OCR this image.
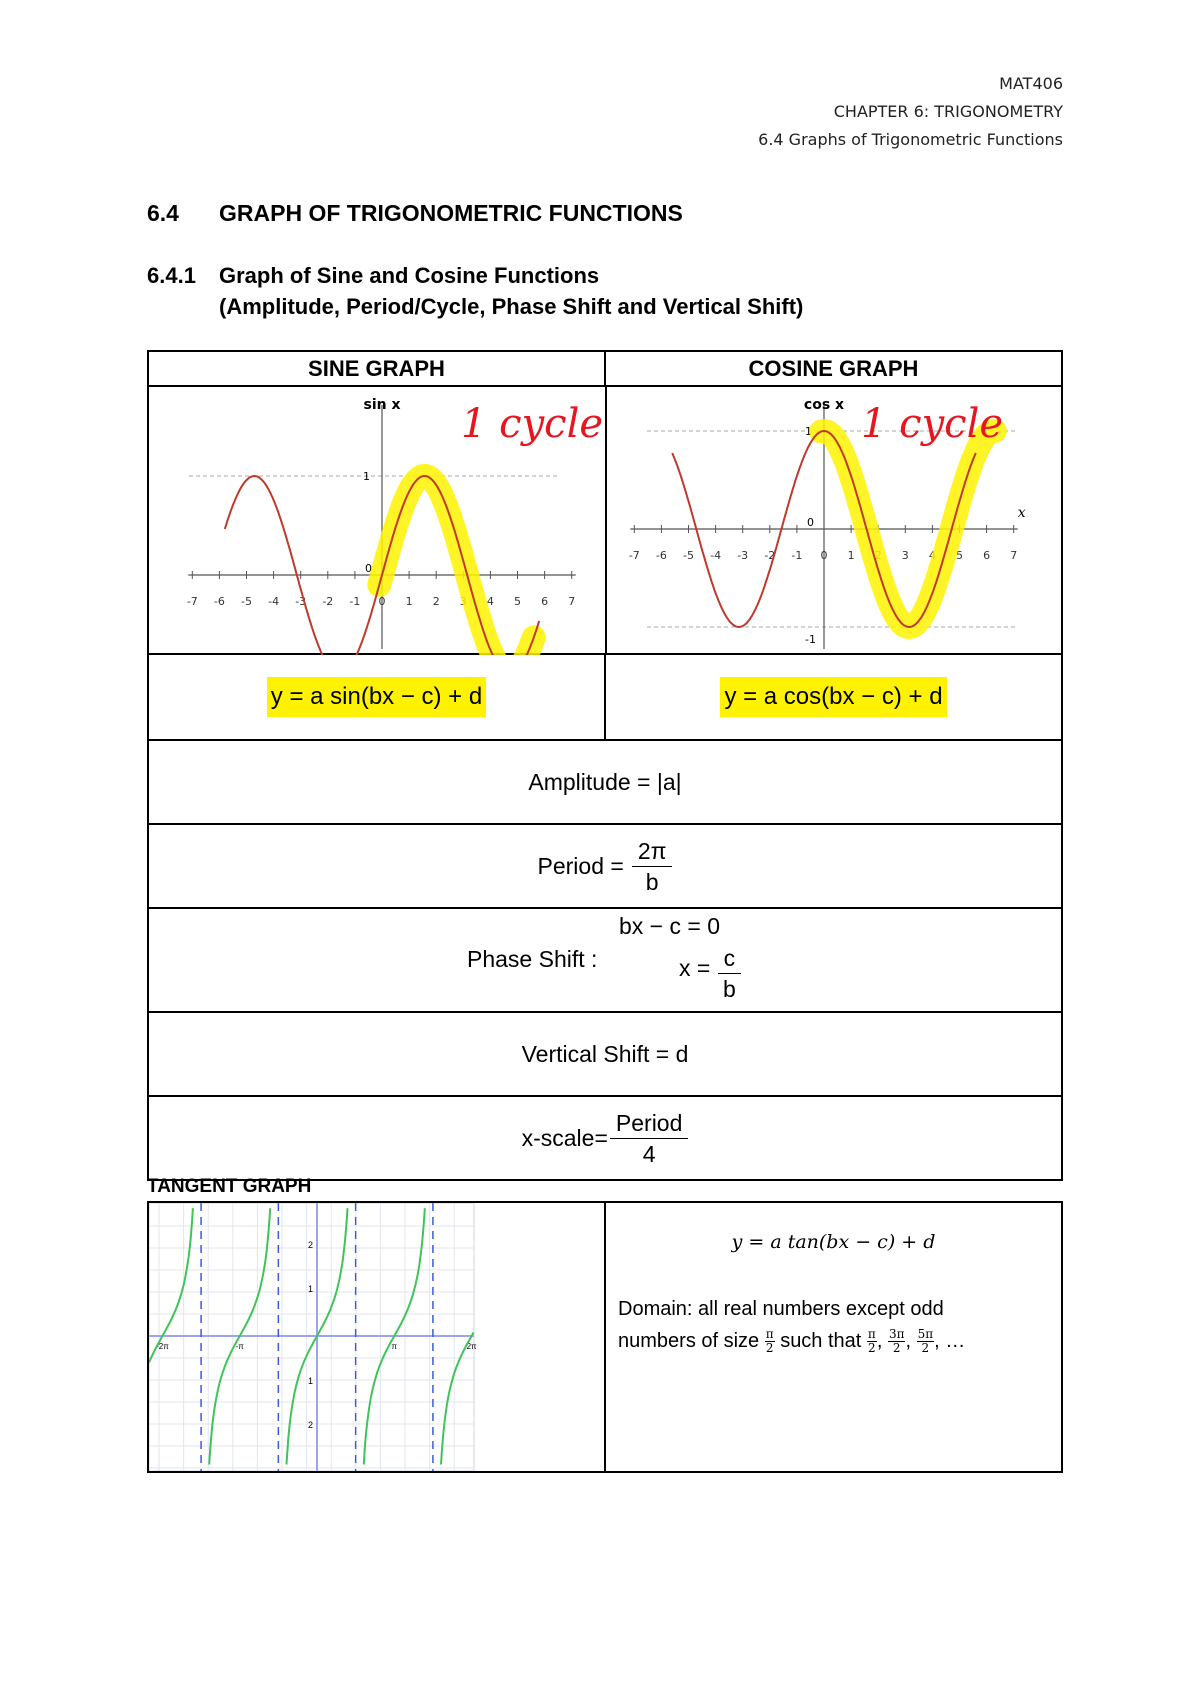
MAT406
CHAPTER 6: TRIGONOMETRY
6.4 Graphs of Trigonometric Functions
6.4 GRAPH OF TRIGONOMETRIC FUNCTIONS
6.4.1 Graph of Sine and Cosine Functions
(Amplitude, Period/Cycle, Phase Shift and Vertical Shift)
SINE GRAPH	COSINE GRAPH
-7 -6 -5 -4 -3 -2 -1 0 1 2 3 4 5 6 7
1
0
sin x 1 cycle
-7 -6 -5 -4 -3 -2 -1 0 1 2 3 4 5 6 7
1
-1
0
cos x
x
1 cycle
y = a sin(bx − c) + d	y = a cos(bx − c) + d
Amplitude = |a|
Period = $\frac{2\pi}{b}$
bx − c = 0
Phase Shift :	$x = \frac{c}{b}$
Vertical Shift = d
x-scale= $\frac{\text{Period}}{4}$
TANGENT GRAPH
2
1
1
2
-2π	-π	π	2π
y = a tan(bx − c) + d
Domain: all real numbers except odd
numbers of size $\frac{\pi}{2}$ such that $\frac{\pi}{2}$ , $\frac{3\pi}{2}$ , $\frac{5\pi}{2}$ , …
